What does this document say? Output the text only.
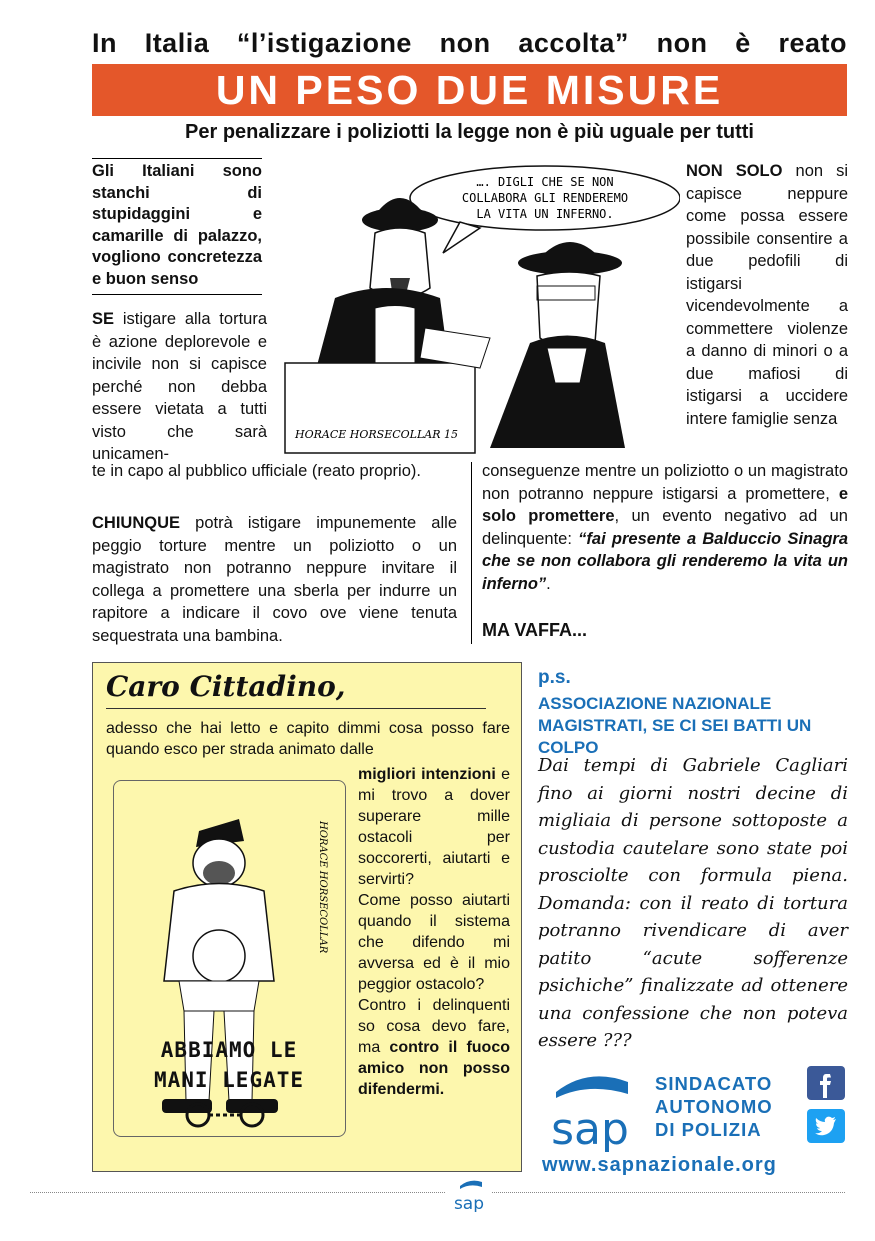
In Italia “l’istigazione non accolta” non è reato
UN PESO DUE MISURE
Per penalizzare i poliziotti la legge non è più uguale per tutti
Gli Italiani sono stanchi di stupidaggini e camarille di palazzo, vogliono concretezza e buon senso
SE istigare alla tortura è azione deplorevole e incivile non si capisce perché non debba essere vietata a tutti visto che sarà unicamen-
te in capo al pubblico ufficiale (reato proprio).
CHIUNQUE potrà istigare impunemente alle peggio torture mentre un poliziotto o un magistrato non potranno neppure invitare il collega a promettere una sberla per indurre un rapitore a indicare il covo ove viene tenuta sequestrata una bambina.
NON SOLO non si capisce neppure come possa essere possibile consentire a due pedofili di istigarsi vicendevolmente a commettere violenze a danno di minori o a due mafiosi di istigarsi a uccidere intere famiglie senza
conseguenze mentre un poliziotto o un magistrato non potranno neppure istigarsi a promettere, e solo promettere, un evento negativo ad un delinquente: “fai presente a Balduccio Sinagra che se non collabora gli renderemo la vita un inferno”.
MA VAFFA...
…. DIGLI CHE SE NON
COLLABORA GLI RENDEREMO
LA VITA UN INFERNO.
HORACE HORSECOLLAR 15
Caro Cittadino,
adesso che hai letto e capito dimmi cosa posso fare quando esco per strada animato dalle
HORACE HORSECOLLAR
ABBIAMO LE
MANI LEGATE
migliori intenzioni e mi trovo a dover superare mille ostacoli per soccorerti, aiutarti e servirti?
Come posso aiutarti quando il sistema che difendo mi avversa ed è il mio peggior ostacolo?
Contro i delinquenti so cosa devo fare, ma contro il fuoco amico non posso difendermi.
p.s.
ASSOCIAZIONE NAZIONALE MAGISTRATI, SE CI SEI BATTI UN COLPO
Dai tempi di Gabriele Cagliari fino ai giorni nostri decine di migliaia di persone sottoposte a custodia cautelare sono state poi prosciolte con formula piena. Domanda: con il reato di tortura potranno rivendicare di aver patito “acute sofferenze psichiche” finalizzate ad ottenere una confessione che non poteva essere ???
sap
SINDACATO
AUTONOMO
DI POLIZIA

www.sapnazionale.org
sap
